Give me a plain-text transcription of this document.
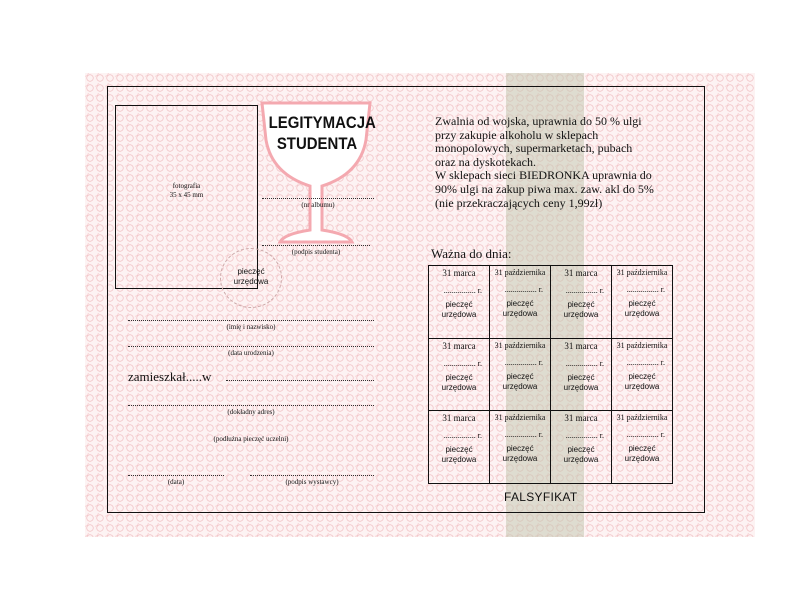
fotografia
35 x 45 mm
LEGITYMACJA
STUDENTA
(nr albumu)
(podpis studenta)
pieczęć
urzędowa
(imię i nazwisko)
(data urodzenia)
zamieszkał.....w
(dokładny adres)
(podłużna pieczęć uczelni)
(data)	(podpis wystawcy)
Zwalnia od wojska, uprawnia do 50 % ulgi
przy zakupie alkoholu w sklepach
monopolowych, supermarketach, pubach
oraz na dyskotekach.
W sklepach sieci BIEDRONKA uprawnia do
90% ulgi na zakup piwa max. zaw. akl do 5%
(nie przekraczających ceny 1,99zł)
Ważna do dnia:
31 marca
................ r.
pieczęć
urzędowa	31 października
................ r.
pieczęć
urzędowa	31 marca
................ r.
pieczęć
urzędowa	31 października
................ r.
pieczęć
urzędowa

31 marca
................ r.
pieczęć
urzędowa	31 października
................ r.
pieczęć
urzędowa	31 marca
................ r.
pieczęć
urzędowa	31 października
................ r.
pieczęć
urzędowa

31 marca
................ r.
pieczęć
urzędowa	31 października
................ r.
pieczęć
urzędowa	31 marca
................ r.
pieczęć
urzędowa	31 października
................ r.
pieczęć
urzędowa
FALSYFIKAT
